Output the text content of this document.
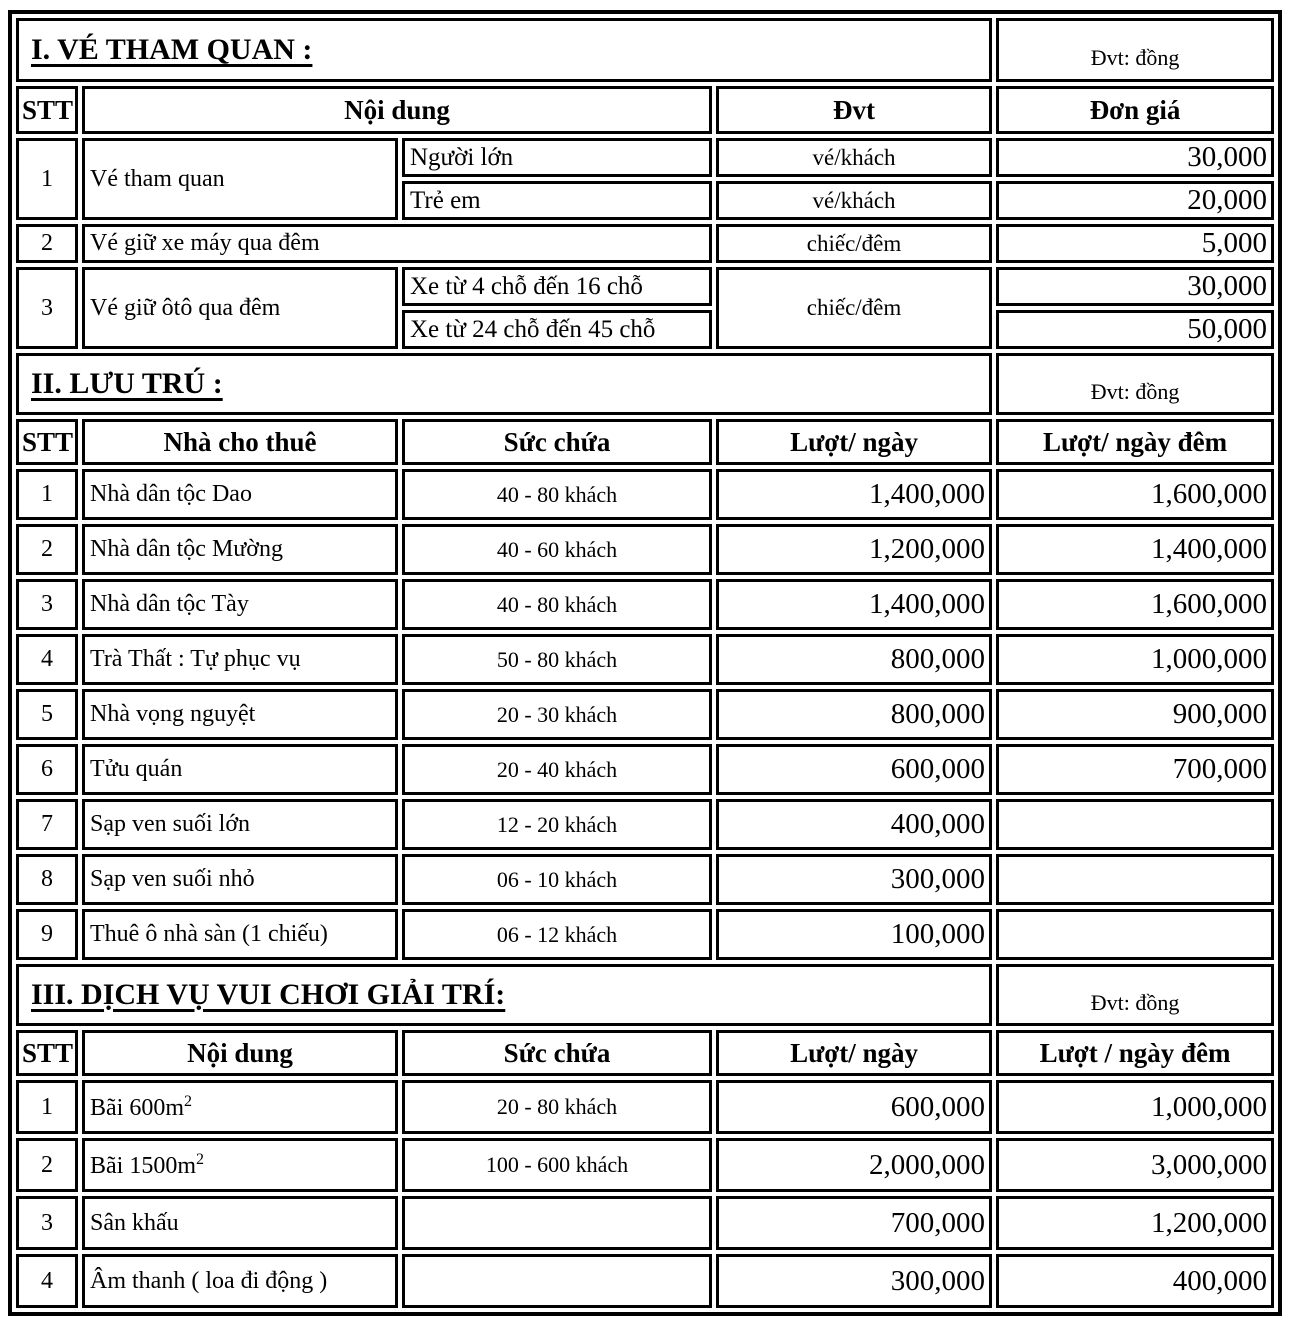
I. VÉ THAM QUAN :				Đvt: đồng
STT	Nội dung		Đvt	Đơn giá
1	Vé tham quan	Người lớn	vé/khách	30,000
		Trẻ em	vé/khách	20,000
2	Vé giữ xe máy qua đêm		chiếc/đêm	5,000
3	Vé giữ ôtô qua đêm	Xe từ 4 chỗ đến 16 chỗ	chiếc/đêm	30,000
		Xe từ 24 chỗ đến 45 chỗ		50,000
II. LƯU TRÚ :				Đvt: đồng
STT	Nhà cho thuê	Sức chứa	Lượt/ ngày	Lượt/ ngày đêm
1	Nhà dân tộc Dao	40 - 80 khách	1,400,000	1,600,000
2	Nhà dân tộc Mường	40 - 60 khách	1,200,000	1,400,000
3	Nhà dân tộc Tày	40 - 80 khách	1,400,000	1,600,000
4	Trà Thất : Tự phục vụ	50 - 80 khách	800,000	1,000,000
5	Nhà vọng nguyệt	20 - 30 khách	800,000	900,000
6	Tửu quán	20 - 40 khách	600,000	700,000
7	Sạp ven suối lớn	12 - 20 khách	400,000	
8	Sạp ven suối nhỏ	06 - 10 khách	300,000	
9	Thuê ô nhà sàn (1 chiếu)	06 - 12 khách	100,000	
III. DỊCH VỤ VUI CHƠI GIẢI TRÍ:				Đvt: đồng
STT	Nội dung	Sức chứa	Lượt/ ngày	Lượt / ngày đêm
1	Bãi $600m^2$	20 - 80 khách	600,000	1,000,000
2	Bãi $1500m^2$	100 - 600 khách	2,000,000	3,000,000
3	Sân khấu		700,000	1,200,000
4	Âm thanh ( loa đi động )		300,000	400,000
